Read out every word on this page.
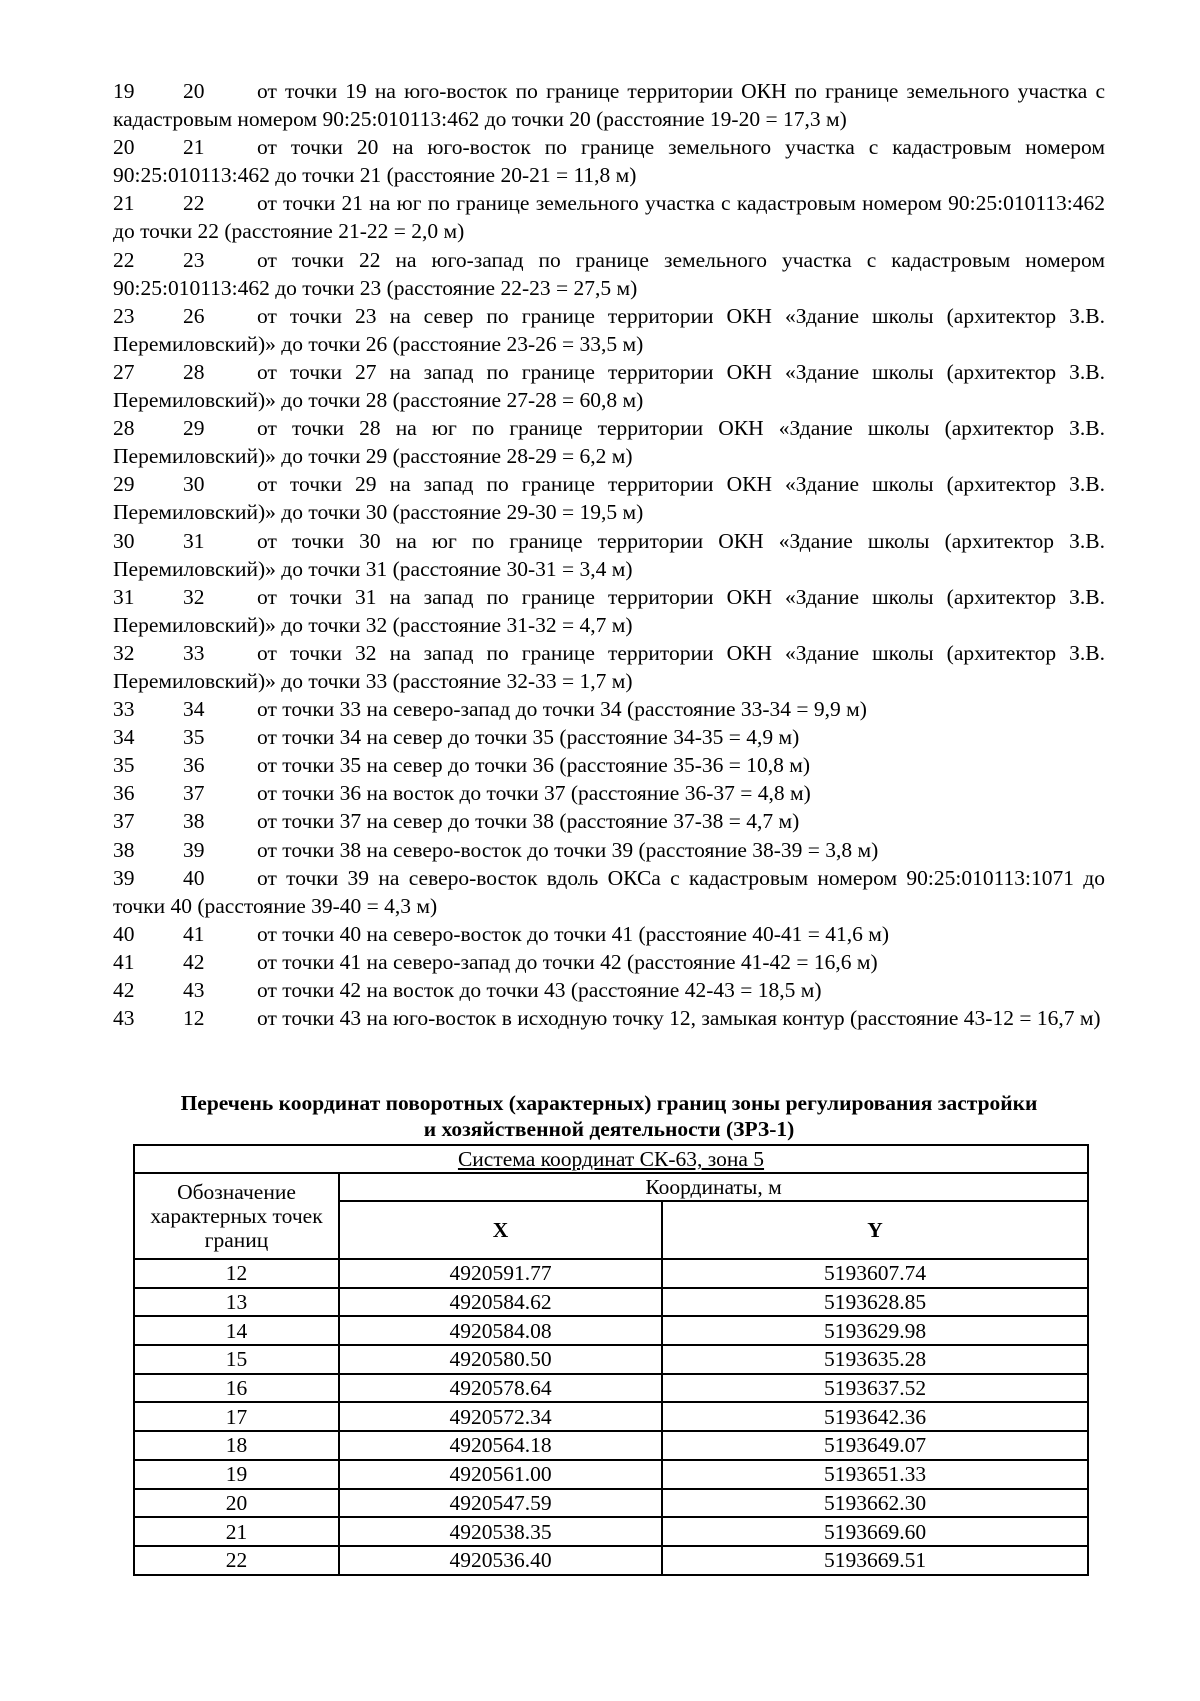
19 20	от точки 19 на юго-восток по границе территории ОКН по границе земельного участка с кадастровым номером 90:25:010113:462 до точки 20 (расстояние 19-20 = 17,3 м)
20 21	от точки 20 на юго-восток по границе земельного участка с кадастровым номером 90:25:010113:462 до точки 21 (расстояние 20-21 = 11,8 м)
21 22	от точки 21 на юг по границе земельного участка с кадастровым номером 90:25:010113:462 до точки 22 (расстояние 21-22 = 2,0 м)
22 23	от точки 22 на юго-запад по границе земельного участка с кадастровым номером 90:25:010113:462 до точки 23 (расстояние 22-23 = 27,5 м)
23 26	от точки 23 на север по границе территории ОКН «Здание школы (архитектор З.В. Перемиловский)» до точки 26 (расстояние 23-26 = 33,5 м)
27 28	от точки 27 на запад по границе территории ОКН «Здание школы (архитектор З.В. Перемиловский)» до точки 28 (расстояние 27-28 = 60,8 м)
28 29	от точки 28 на юг по границе территории ОКН «Здание школы (архитектор З.В. Перемиловский)» до точки 29 (расстояние 28-29 = 6,2 м)
29 30	от точки 29 на запад по границе территории ОКН «Здание школы (архитектор З.В. Перемиловский)» до точки 30 (расстояние 29-30 = 19,5 м)
30 31	от точки 30 на юг по границе территории ОКН «Здание школы (архитектор З.В. Перемиловский)» до точки 31 (расстояние 30-31 = 3,4 м)
31 32	от точки 31 на запад по границе территории ОКН «Здание школы (архитектор З.В. Перемиловский)» до точки 32 (расстояние 31-32 = 4,7 м)
32 33	от точки 32 на запад по границе территории ОКН «Здание школы (архитектор З.В. Перемиловский)» до точки 33 (расстояние 32-33 = 1,7 м)
33 34	от точки 33 на северо-запад до точки 34 (расстояние 33-34 = 9,9 м)
34 35	от точки 34 на север до точки 35 (расстояние 34-35 = 4,9 м)
35 36	от точки 35 на север до точки 36 (расстояние 35-36 = 10,8 м)
36 37	от точки 36 на восток до точки 37 (расстояние 36-37 = 4,8 м)
37 38	от точки 37 на север до точки 38 (расстояние 37-38 = 4,7 м)
38 39	от точки 38 на северо-восток до точки 39 (расстояние 38-39 = 3,8 м)
39 40	от точки 39 на северо-восток вдоль ОКСа с кадастровым номером 90:25:010113:1071 до точки 40 (расстояние 39-40 = 4,3 м)
40 41	от точки 40 на северо-восток до точки 41 (расстояние 40-41 = 41,6 м)
41 42	от точки 41 на северо-запад до точки 42 (расстояние 41-42 = 16,6 м)
42 43	от точки 42 на восток до точки 43 (расстояние 42-43 = 18,5 м)
43 12	от точки 43 на юго-восток в исходную точку 12, замыкая контур (расстояние 43-12 = 16,7 м)
Перечень координат поворотных (характерных) границ зоны регулирования застройки
и хозяйственной деятельности (ЗРЗ-1)
Система координат СК-63, зона 5		
Обозначение характерных точек границ	Координаты, м	
	X	Y
12	4920591.77	5193607.74
13	4920584.62	5193628.85
14	4920584.08	5193629.98
15	4920580.50	5193635.28
16	4920578.64	5193637.52
17	4920572.34	5193642.36
18	4920564.18	5193649.07
19	4920561.00	5193651.33
20	4920547.59	5193662.30
21	4920538.35	5193669.60
22	4920536.40	5193669.51
